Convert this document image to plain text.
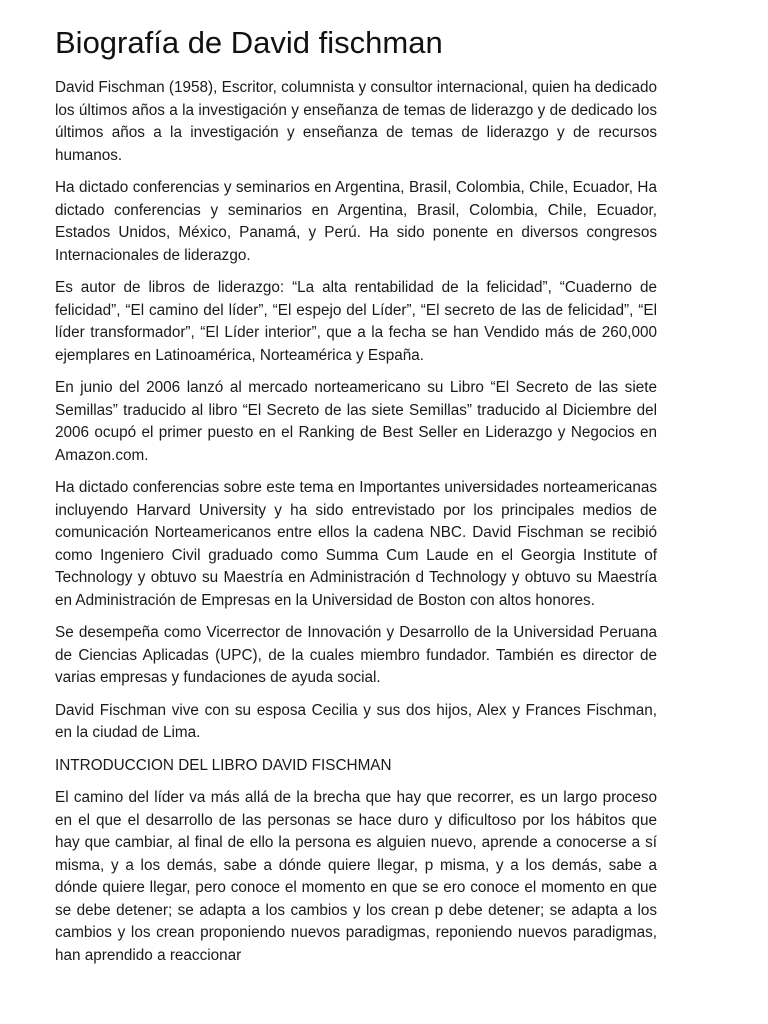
Biografía de David fischman

David Fischman (1958), Escritor, columnista y consultor internacional, quien ha dedicado los últimos años a la investigación y enseñanza de temas de liderazgo y de dedicado los últimos años a la investigación y enseñanza de temas de liderazgo y de recursos humanos.

Ha dictado conferencias y seminarios en Argentina, Brasil, Colombia, Chile, Ecuador, Ha dictado conferencias y seminarios en Argentina, Brasil, Colombia, Chile, Ecuador, Estados Unidos, México, Panamá, y Perú. Ha sido ponente en diversos congresos Internacionales de liderazgo.

Es autor de libros de liderazgo: “La alta rentabilidad de la felicidad”, “Cuaderno de felicidad”, “El camino del líder”, “El espejo del Líder”, “El secreto de las de felicidad”, “El líder transformador”, “El Líder interior”, que a la fecha se han Vendido más de 260,000 ejemplares en Latinoamérica, Norteamérica y España.

En junio del 2006 lanzó al mercado norteamericano su Libro “El Secreto de las siete Semillas” traducido al libro “El Secreto de las siete Semillas” traducido al Diciembre del 2006 ocupó el primer puesto en el Ranking de Best Seller en Liderazgo y Negocios en Amazon.com.

Ha dictado conferencias sobre este tema en Importantes universidades norteamericanas incluyendo Harvard University y ha sido entrevistado por los principales medios de comunicación Norteamericanos entre ellos la cadena NBC. David Fischman se recibió como Ingeniero Civil graduado como Summa Cum Laude en el Georgia Institute of Technology y obtuvo su Maestría en Administración d Technology y obtuvo su Maestría en Administración de Empresas en la Universidad de Boston con altos honores.

Se desempeña como Vicerrector de Innovación y Desarrollo de la Universidad Peruana de Ciencias Aplicadas (UPC), de la cuales miembro fundador. También es director de varias empresas y fundaciones de ayuda social.

David Fischman vive con su esposa Cecilia y sus dos hijos, Alex y Frances Fischman, en la ciudad de Lima.

INTRODUCCION DEL LIBRO DAVID FISCHMAN

El camino del líder va más allá de la brecha que hay que recorrer, es un largo proceso en el que el desarrollo de las personas se hace duro y dificultoso por los hábitos que hay que cambiar, al final de ello la persona es alguien nuevo, aprende a conocerse a sí misma, y a los demás, sabe a dónde quiere llegar, p misma, y a los demás, sabe a dónde quiere llegar, pero conoce el momento en que se ero conoce el momento en que se debe detener; se adapta a los cambios y los crean p debe detener; se adapta a los cambios y los crean proponiendo nuevos paradigmas, reponiendo nuevos paradigmas, han aprendido a reaccionar
